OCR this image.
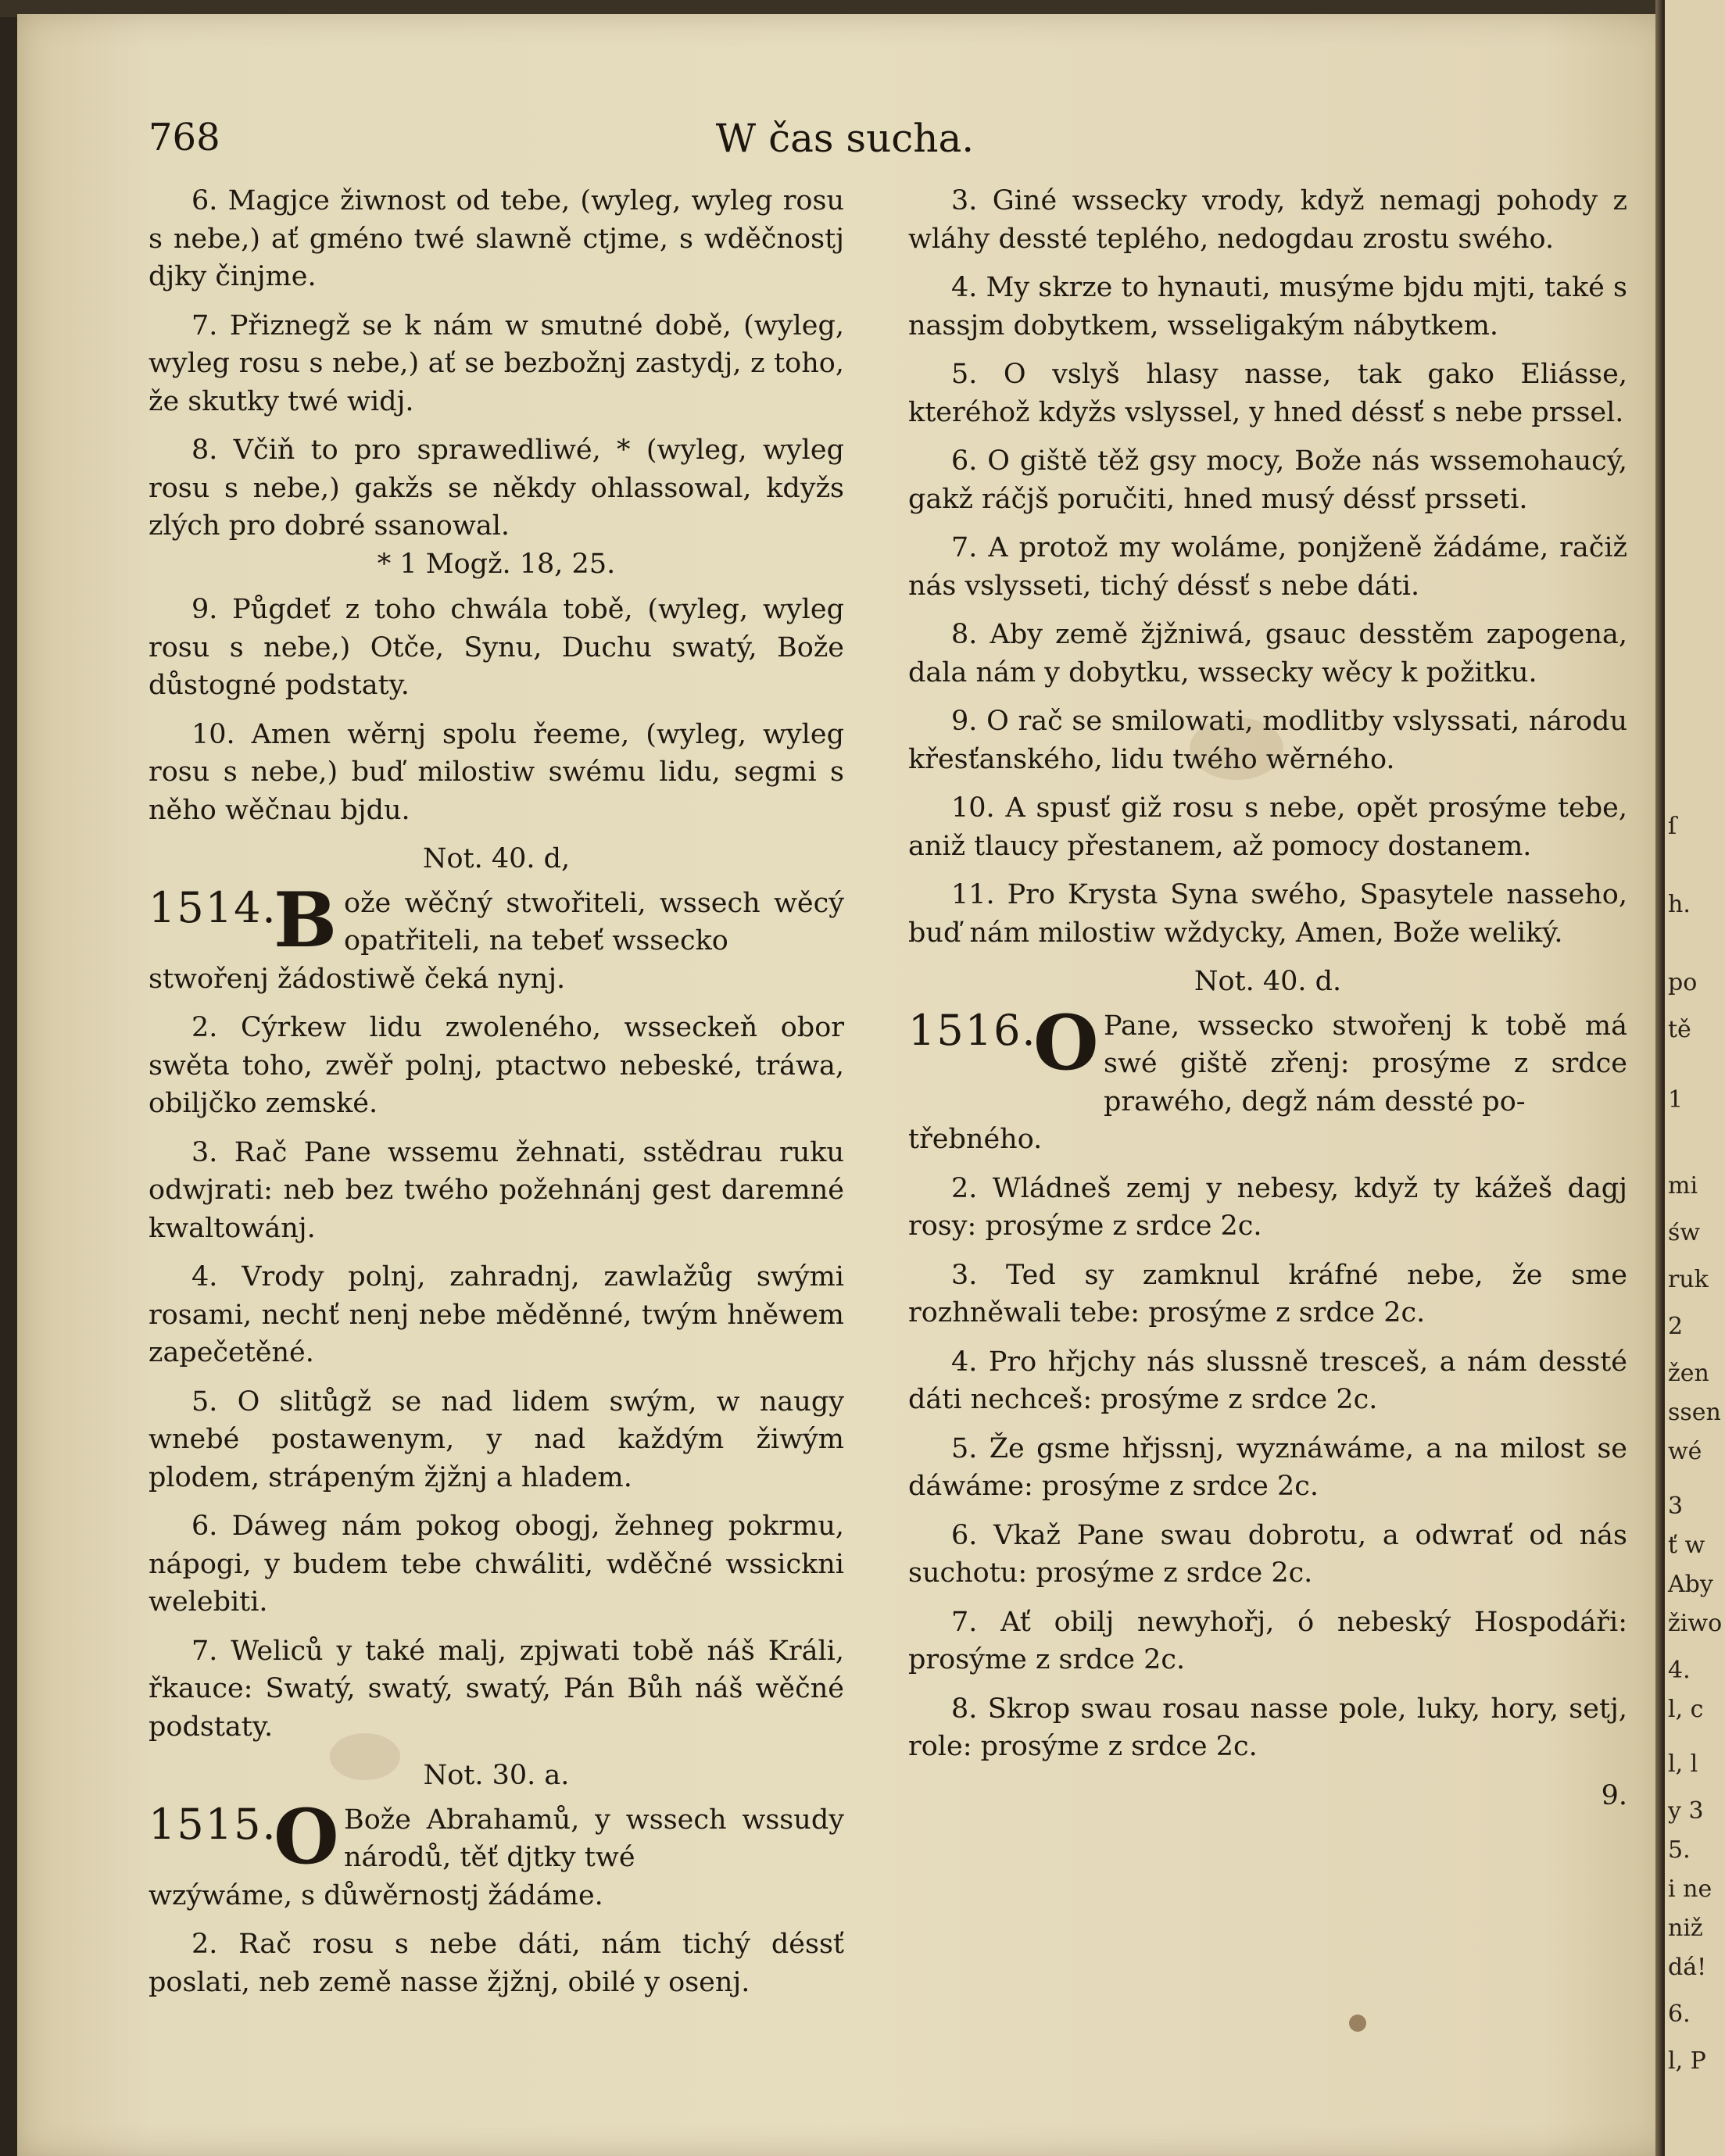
768	W čas sucha.

6. Magjce žiwnost od tebe, (wyleg, wyleg rosu s nebe,) ať gméno twé slawně ctjme, s wděčnostj djky činjme.

7. Přiznegž se k nám w smutné době, (wyleg, wyleg rosu s nebe,) ať se bezbožnj zastydj, z toho, že skutky twé widj.

8. Včiň to pro sprawedliwé, * (wyleg, wyleg rosu s nebe,) gakžs se někdy ohlassowal, kdyžs zlých pro dobré ssanowal.

* 1 Mogž. 18, 25.

9. Půgdeť z toho chwála tobě, (wyleg, wyleg rosu s nebe,) Otče, Synu, Duchu swatý, Bože důstogné podstaty.

10. Amen wěrnj spolu řeeme, (wyleg, wyleg rosu s nebe,) buď milostiw swému lidu, segmi s něho wěčnau bjdu.

Not. 40. d,

1514.
B ože wěčný stwořiteli, wssech wěcý opatřiteli, na tebeť wssecko

stwořenj žádostiwě čeká nynj.

2. Cýrkew lidu zwoleného, wsseckeň obor swěta toho, zwěř polnj, ptactwo nebeské, tráwa, obiljčko zemské.

3. Rač Pane wssemu žehnati, sstědrau ruku odwjrati: neb bez twého požehnánj gest daremné kwaltowánj.

4. Vrody polnj, zahradnj, zawlažůg swými rosami, nechť nenj nebe měděnné, twým hněwem zapečetěné.

5. O slitůgž se nad lidem swým, w naugy wnebé postawenym, y nad každým žiwým plodem, strápeným žjžnj a hladem.

6. Dáweg nám pokog obogj, žehneg pokrmu, nápogi, y budem tebe chwáliti, wděčné wssickni welebiti.

7. Weliců y také malj, zpjwati tobě náš Králi, řkauce: Swatý, swatý, swatý, Pán Bůh náš wěčné podstaty.

Not. 30. a.

1515.
O Bože Abrahamů, y wssech wssudy národů, těť djtky twé

wzýwáme, s důwěrnostj žádáme.

2. Rač rosu s nebe dáti, nám tichý déssť poslati, neb země nasse žjžnj, obilé y osenj.

3. Giné wssecky vrody, když nemagj pohody z wláhy dessté teplého, nedogdau zrostu swého.

4. My skrze to hynauti, musýme bjdu mjti, také s nassjm dobytkem, wsseligakým nábytkem.

5. O vslyš hlasy nasse, tak gako Eliásse, kteréhož kdyžs vslyssel, y hned déssť s nebe prssel.

6. O giště těž gsy mocy, Bože nás wssemohaucý, gakž ráčjš poručiti, hned musý déssť prsseti.

7. A protož my woláme, ponjženě žádáme, račiž nás vslysseti, tichý déssť s nebe dáti.

8. Aby země žjžniwá, gsauc desstěm zapogena, dala nám y dobytku, wssecky wěcy k požitku.

9. O rač se smilowati, modlitby vslyssati, národu křesťanského, lidu twého wěrného.

10. A spusť giž rosu s nebe, opět prosýme tebe, aniž tlaucy přestanem, až pomocy dostanem.

11. Pro Krysta Syna swého, Spasytele nasseho, buď nám milostiw wždycky, Amen, Bože weliký.

Not. 40. d.

1516.
O Pane, wssecko stwořenj k tobě má swé giště zřenj: prosýme z srdce prawého, degž nám dessté po-

třebného.

2. Wládneš zemj y nebesy, když ty kážeš dagj rosy: prosýme z srdce 2c.

3. Ted sy zamknul kráfné nebe, že sme rozhněwali tebe: prosýme z srdce 2c.

4. Pro hřjchy nás slussně tresceš, a nám dessté dáti nechceš: prosýme z srdce 2c.

5. Že gsme hřjssnj, wyznáwáme, a na milost se dáwáme: prosýme z srdce 2c.

6. Vkaž Pane swau dobrotu, a odwrať od nás suchotu: prosýme z srdce 2c.

7. Ať obilj newyhořj, ó nebeský Hospodáři: prosýme z srdce 2c.

8. Skrop swau rosau nasse pole, luky, hory, setj, role: prosýme z srdce 2c.

9.

ſ
h.
po
tě
1
mi
św
ruk
2
žen
ssen
wé
3
ť w
Aby
žiwo
4.
l, c
l, l
y 3
5.
i ne
niž
dá!
6.
l, P
